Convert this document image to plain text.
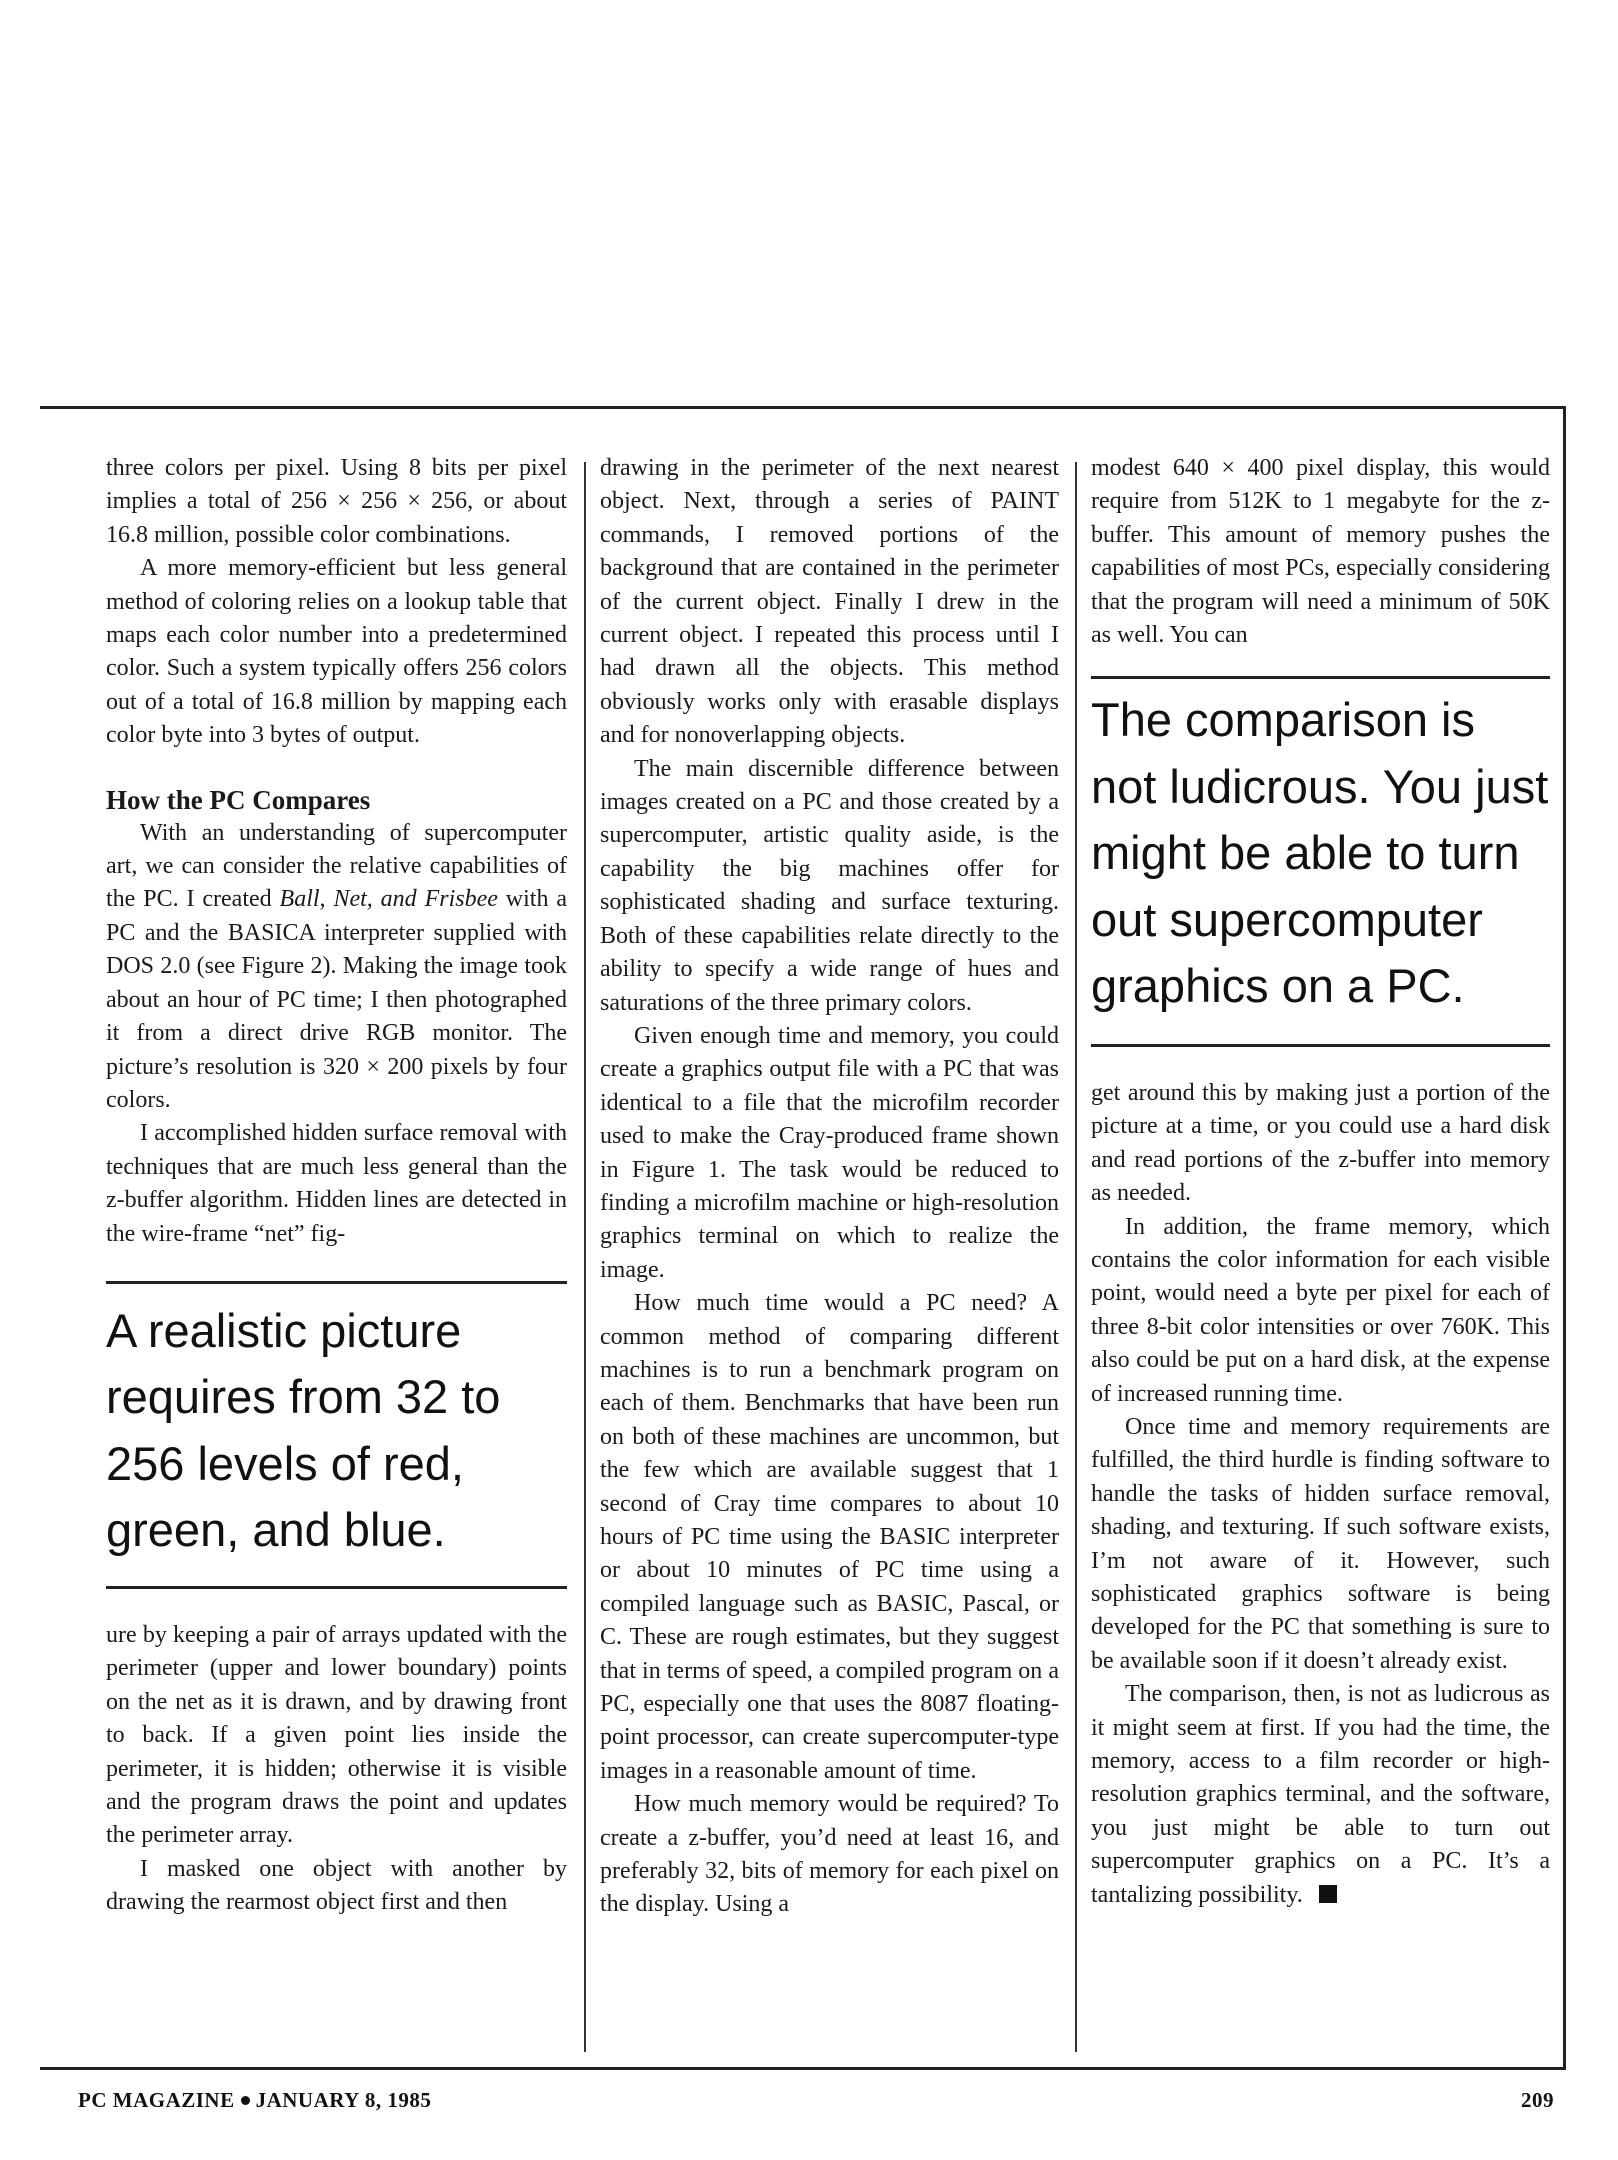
three colors per pixel. Using 8 bits per pixel implies a total of 256 × 256 × 256, or about 16.8 million, possible color combinations.

A more memory-efficient but less general method of coloring relies on a lookup table that maps each color number into a predetermined color. Such a system typically offers 256 colors out of a total of 16.8 million by mapping each color byte into 3 bytes of output.

How the PC Compares

With an understanding of supercomputer art, we can consider the relative capabilities of the PC. I created Ball, Net, and Frisbee with a PC and the BASICA interpreter supplied with DOS 2.0 (see Figure 2). Making the image took about an hour of PC time; I then photographed it from a direct drive RGB monitor. The picture’s resolution is 320 × 200 pixels by four colors.

I accomplished hidden surface removal with techniques that are much less general than the z-buffer algorithm. Hidden lines are detected in the wire-frame “net” fig-

A realistic picture requires from 32 to 256 levels of red, green, and blue.

ure by keeping a pair of arrays updated with the perimeter (upper and lower boundary) points on the net as it is drawn, and by drawing front to back. If a given point lies inside the perimeter, it is hidden; otherwise it is visible and the program draws the point and updates the perimeter array.

I masked one object with another by drawing the rearmost object first and then

drawing in the perimeter of the next nearest object. Next, through a series of PAINT commands, I removed portions of the background that are contained in the perimeter of the current object. Finally I drew in the current object. I repeated this process until I had drawn all the objects. This method obviously works only with erasable displays and for nonoverlapping objects.

The main discernible difference between images created on a PC and those created by a supercomputer, artistic quality aside, is the capability the big machines offer for sophisticated shading and surface texturing. Both of these capabilities relate directly to the ability to specify a wide range of hues and saturations of the three primary colors.

Given enough time and memory, you could create a graphics output file with a PC that was identical to a file that the microfilm recorder used to make the Cray-produced frame shown in Figure 1. The task would be reduced to finding a microfilm machine or high-resolution graphics terminal on which to realize the image.

How much time would a PC need? A common method of comparing different machines is to run a benchmark program on each of them. Benchmarks that have been run on both of these machines are uncommon, but the few which are available suggest that 1 second of Cray time compares to about 10 hours of PC time using the BASIC interpreter or about 10 minutes of PC time using a compiled language such as BASIC, Pascal, or C. These are rough estimates, but they suggest that in terms of speed, a compiled program on a PC, especially one that uses the 8087 floating-point processor, can create supercomputer-type images in a reasonable amount of time.

How much memory would be required? To create a z-buffer, you’d need at least 16, and preferably 32, bits of memory for each pixel on the display. Using a

modest 640 × 400 pixel display, this would require from 512K to 1 megabyte for the z-buffer. This amount of memory pushes the capabilities of most PCs, especially considering that the program will need a minimum of 50K as well. You can

The comparison is not ludicrous. You just might be able to turn out supercomputer graphics on a PC.

get around this by making just a portion of the picture at a time, or you could use a hard disk and read portions of the z-buffer into memory as needed.

In addition, the frame memory, which contains the color information for each visible point, would need a byte per pixel for each of three 8-bit color intensities or over 760K. This also could be put on a hard disk, at the expense of increased running time.

Once time and memory requirements are fulfilled, the third hurdle is finding software to handle the tasks of hidden surface removal, shading, and texturing. If such software exists, I’m not aware of it. However, such sophisticated graphics software is being developed for the PC that something is sure to be available soon if it doesn’t already exist.

The comparison, then, is not as ludicrous as it might seem at first. If you had the time, the memory, access to a film recorder or high-resolution graphics terminal, and the software, you just might be able to turn out supercomputer graphics on a PC. It’s a tantalizing possibility.

PC MAGAZINE JANUARY 8, 1985	209
